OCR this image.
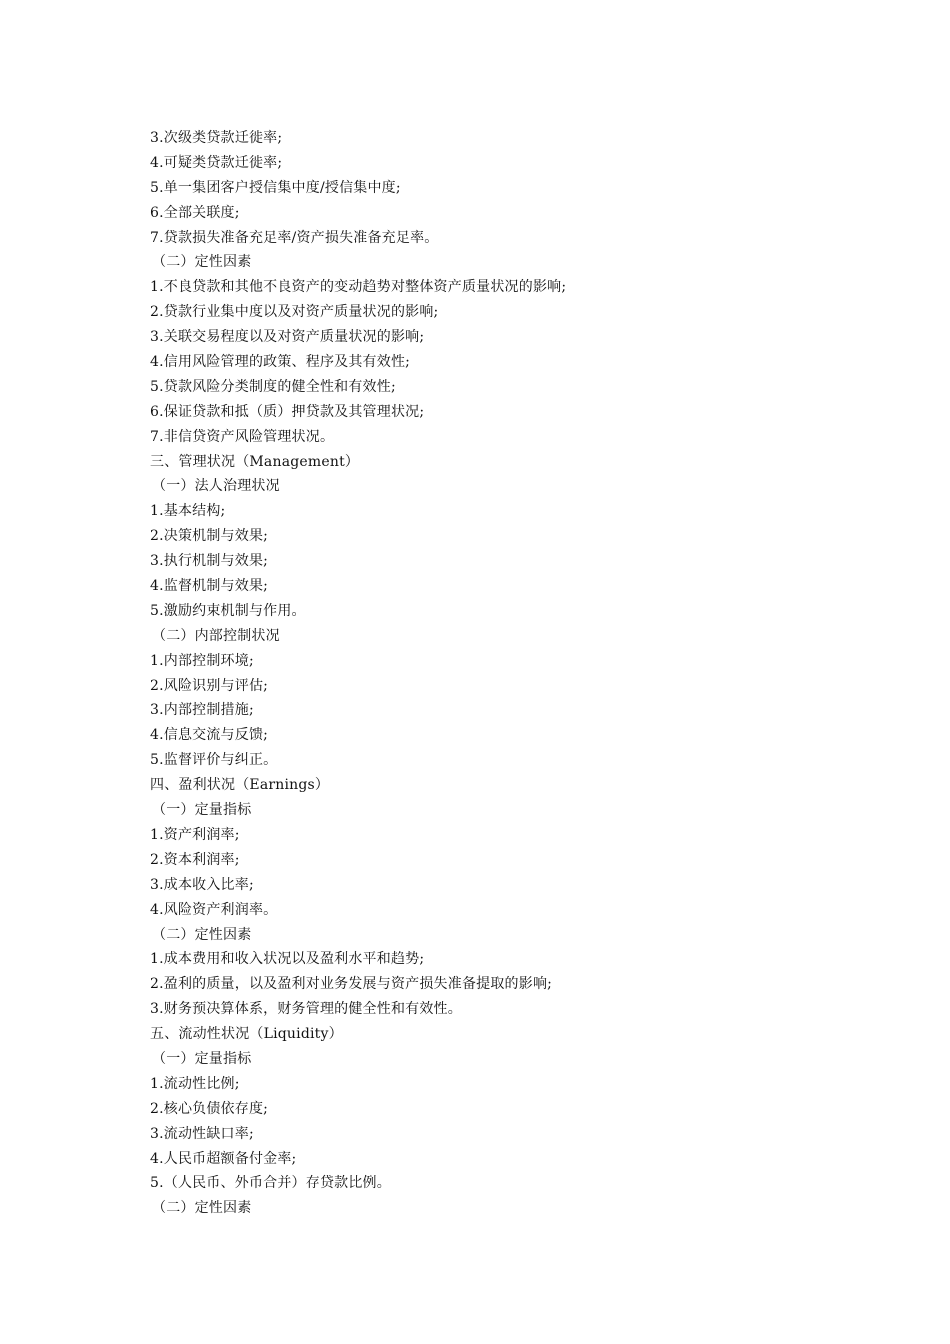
3.次级类贷款迁徙率;
4.可疑类贷款迁徙率;
5.单一集团客户授信集中度/授信集中度;
6.全部关联度;
7.贷款损失准备充足率/资产损失准备充足率。
（二）定性因素
1.不良贷款和其他不良资产的变动趋势对整体资产质量状况的影响;
2.贷款行业集中度以及对资产质量状况的影响;
3.关联交易程度以及对资产质量状况的影响;
4.信用风险管理的政策、程序及其有效性;
5.贷款风险分类制度的健全性和有效性;
6.保证贷款和抵（质）押贷款及其管理状况;
7.非信贷资产风险管理状况。
三、管理状况（Management）
（一）法人治理状况
1.基本结构;
2.决策机制与效果;
3.执行机制与效果;
4.监督机制与效果;
5.激励约束机制与作用。
（二）内部控制状况
1.内部控制环境;
2.风险识别与评估;
3.内部控制措施;
4.信息交流与反馈;
5.监督评价与纠正。
四、盈利状况（Earnings）
（一）定量指标
1.资产利润率;
2.资本利润率;
3.成本收入比率;
4.风险资产利润率。
（二）定性因素
1.成本费用和收入状况以及盈利水平和趋势;
2.盈利的质量，以及盈利对业务发展与资产损失准备提取的影响;
3.财务预决算体系，财务管理的健全性和有效性。
五、流动性状况（Liquidity）
（一）定量指标
1.流动性比例;
2.核心负债依存度;
3.流动性缺口率;
4.人民币超额备付金率;
5.（人民币、外币合并）存贷款比例。
（二）定性因素
